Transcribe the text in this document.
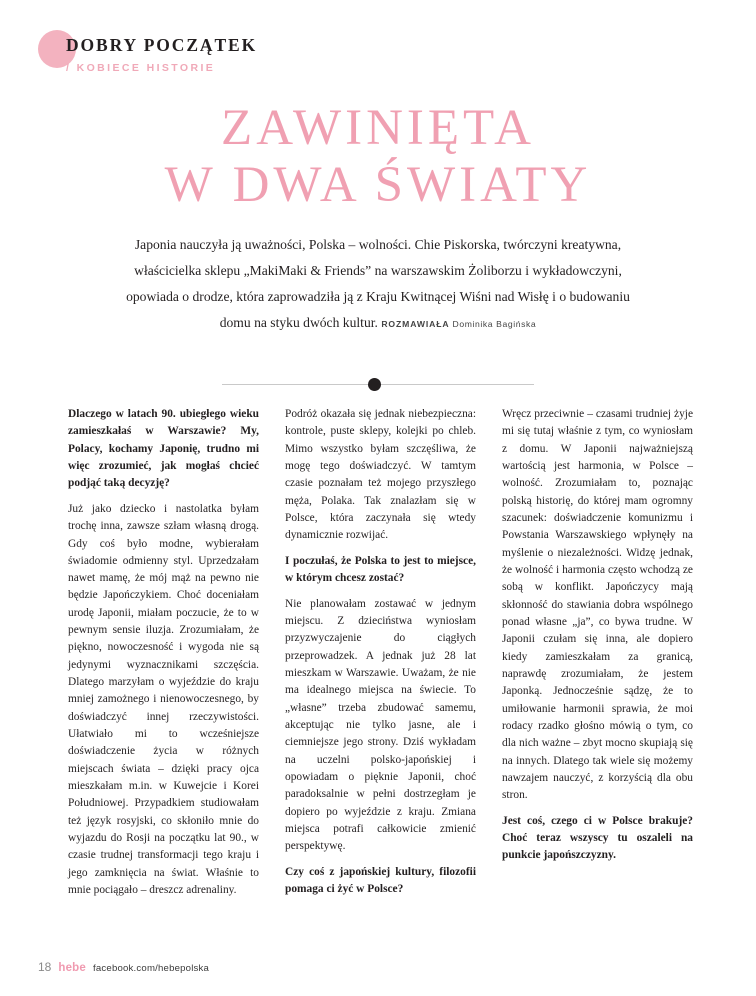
DOBRY POCZĄTEK
/ KOBIECE HISTORIE
ZAWINIĘTA
W DWA ŚWIATY
Japonia nauczyła ją uważności, Polska – wolności. Chie Piskorska, twórczyni kreatywna, właścicielka sklepu „MakiMaki & Friends” na warszawskim Żoliborzu i wykładowczyni, opowiada o drodze, która zaprowadziła ją z Kraju Kwitnącej Wiśni nad Wisłę i o budowaniu domu na styku dwóch kultur. ROZMAWIAŁA Dominika Bagińska

Dlaczego w latach 90. ubiegłego wieku zamieszkałaś w Warszawie? My, Polacy, kochamy Japonię, trudno mi więc zrozumieć, jak mogłaś chcieć podjąć taką decyzję?

Już jako dziecko i nastolatka byłam trochę inna, zawsze szłam własną drogą. Gdy coś było modne, wybierałam świadomie odmienny styl. Uprzedzałam nawet mamę, że mój mąż na pewno nie będzie Japończykiem. Choć doceniałam urodę Japonii, miałam poczucie, że to w pewnym sensie iluzja. Zrozumiałam, że piękno, nowoczesność i wygoda nie są jedynymi wyznacznikami szczęścia. Dlatego marzyłam o wyjeździe do kraju mniej zamożnego i nienowoczesnego, by doświadczyć innej rzeczywistości. Ułatwiało mi to wcześniejsze doświadczenie życia w różnych miejscach świata – dzięki pracy ojca mieszkałam m.in. w Kuwejcie i Korei Południowej. Przypadkiem studiowałam też język rosyjski, co skłoniło mnie do wyjazdu do Rosji na początku lat 90., w czasie trudnej transformacji tego kraju i jego zamknięcia na świat. Właśnie to mnie pociągało – dreszcz adrenaliny.

Podróż okazała się jednak niebezpieczna: kontrole, puste sklepy, kolejki po chleb. Mimo wszystko byłam szczęśliwa, że mogę tego doświadczyć. W tamtym czasie poznałam też mojego przyszłego męża, Polaka. Tak znalazłam się w Polsce, która zaczynała się wtedy dynamicznie rozwijać.

I poczułaś, że Polska to jest to miejsce, w którym chcesz zostać?

Nie planowałam zostawać w jednym miejscu. Z dzieciństwa wyniosłam przyzwyczajenie do ciągłych przeprowadzek. A jednak już 28 lat mieszkam w Warszawie. Uważam, że nie ma idealnego miejsca na świecie. To „własne” trzeba zbudować samemu, akceptując nie tylko jasne, ale i ciemniejsze jego strony. Dziś wykładam na uczelni polsko-japońskiej i opowiadam o pięknie Japonii, choć paradoksalnie w pełni dostrzegłam je dopiero po wyjeździe z kraju. Zmiana miejsca potrafi całkowicie zmienić perspektywę.

Czy coś z japońskiej kultury, filozofii pomaga ci żyć w Polsce?

Wręcz przeciwnie – czasami trudniej żyje mi się tutaj właśnie z tym, co wyniosłam z domu. W Japonii najważniejszą wartością jest harmonia, w Polsce – wolność. Zrozumiałam to, poznając polską historię, do której mam ogromny szacunek: doświadczenie komunizmu i Powstania Warszawskiego wpłynęły na myślenie o niezależności. Widzę jednak, że wolność i harmonia często wchodzą ze sobą w konflikt. Japończycy mają skłonność do stawiania dobra wspólnego ponad własne „ja”, co bywa trudne. W Japonii czułam się inna, ale dopiero kiedy zamieszkałam za granicą, naprawdę zrozumiałam, że jestem Japonką. Jednocześnie sądzę, że to umiłowanie harmonii sprawia, że moi rodacy rzadko głośno mówią o tym, co dla nich ważne – zbyt mocno skupiają się na innych. Dlatego tak wiele się możemy nawzajem nauczyć, z korzyścią dla obu stron.

Jest coś, czego ci w Polsce brakuje? Choć teraz wszyscy tu oszaleli na punkcie japońszczyzny.

18 hebe facebook.com/hebepolska
